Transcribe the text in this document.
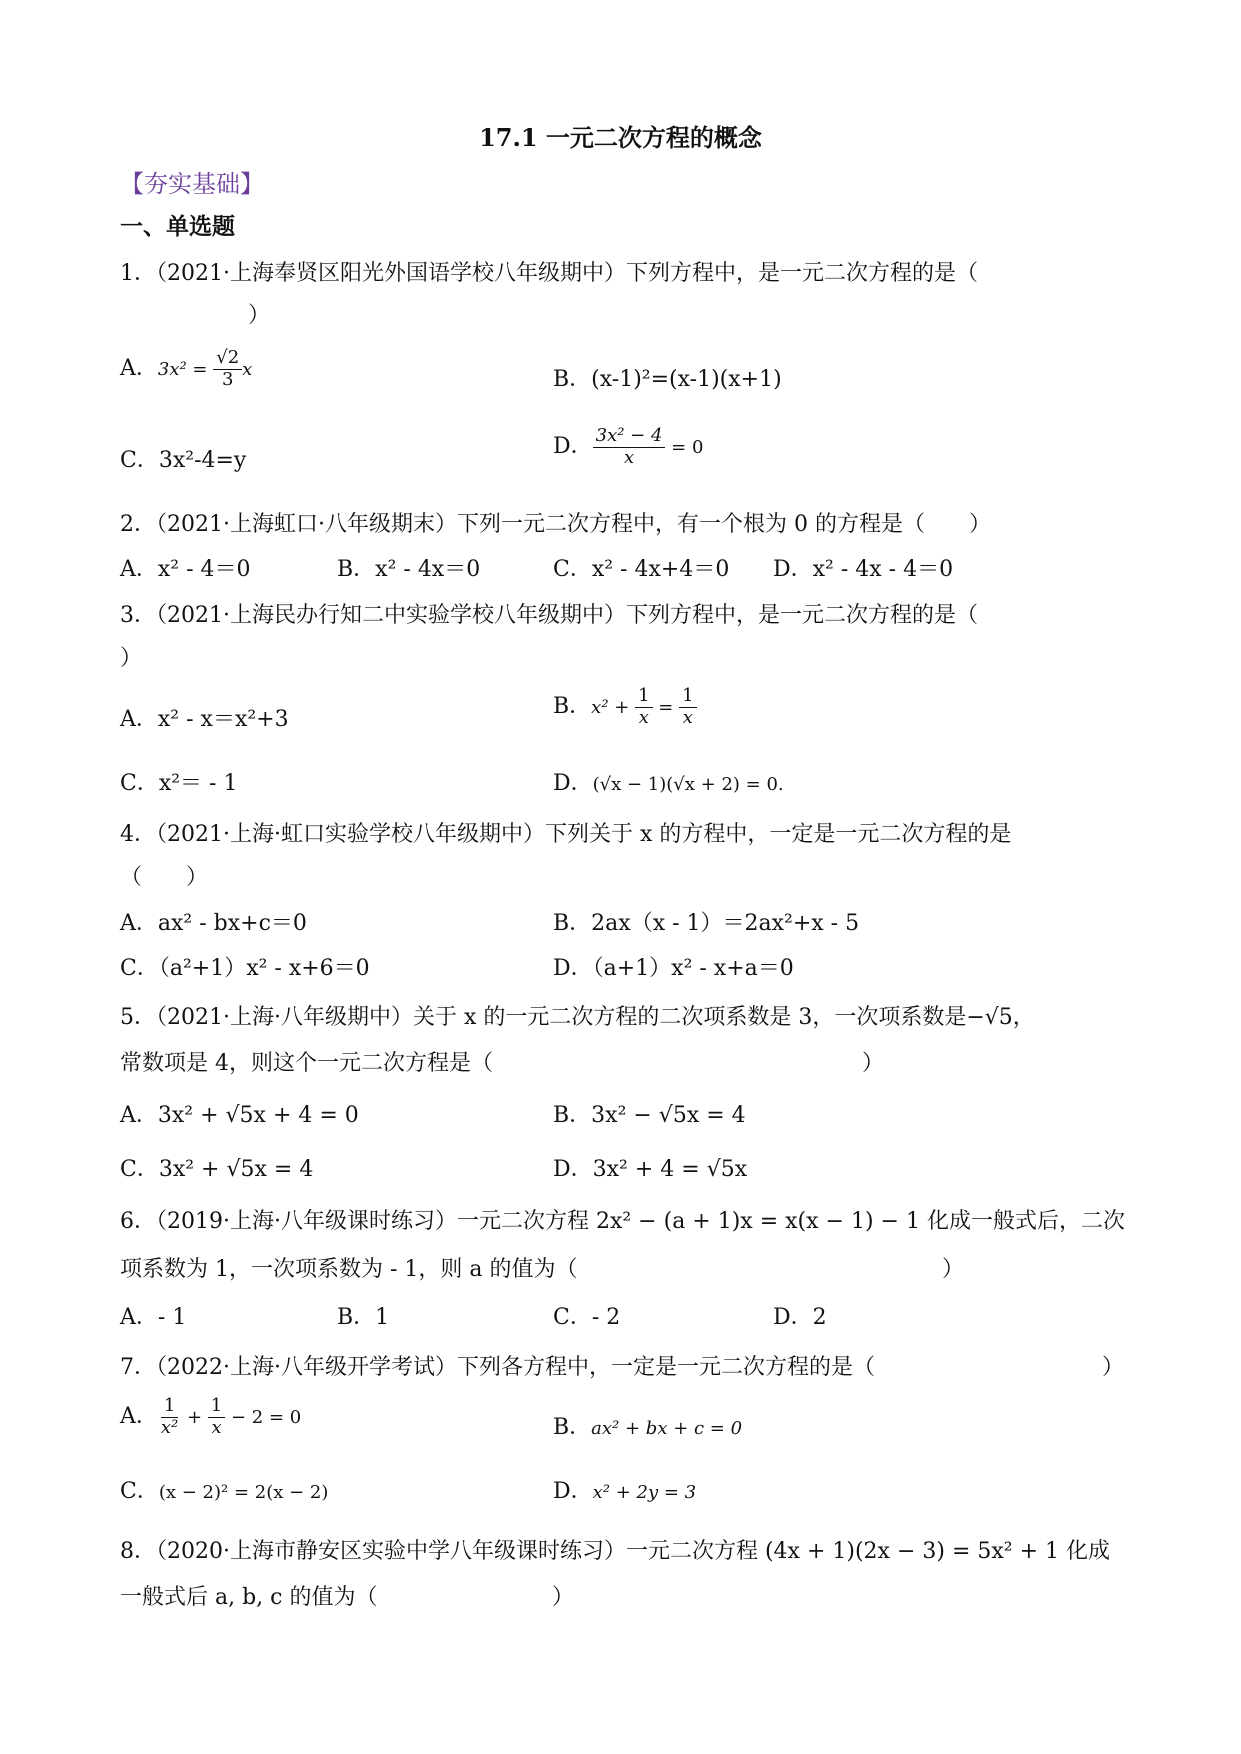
17.1 一元二次方程的概念
【夯实基础】
一、单选题
1．（2021·上海奉贤区阳光外国语学校八年级期中）下列方程中，是一元二次方程的是（
）
A．$3x^2 = \frac{√2}{3}$ x	B．(x-1)²=(x-1)(x+1)
C．3x²-4=y
D． $\frac{\text{3x² − 4}}{x} = 0$
2．（2021·上海虹口·八年级期末）下列一元二次方程中，有一个根为 0 的方程是（　　）
A．x² - 4＝0	B．x² - 4x＝0	C．x² - 4x+4＝0 D．x² - 4x - 4＝0
3．（2021·上海民办行知二中实验学校八年级期中）下列方程中，是一元二次方程的是（
）
A．x² - x＝x²+3
B．$x^2 + \frac{1}{x} = \frac{1}{x}$
C．x²＝ - 1	D．(√x − 1)(√x + 2) = 0.
4．（2021·上海·虹口实验学校八年级期中）下列关于 x 的方程中，一定是一元二次方程的是
（　　）
A．ax² - bx+c＝0	B．2ax（x - 1）＝2ax²+x - 5
C．（a²+1）x² - x+6＝0	D．（a+1）x² - x+a＝0
5．（2021·上海·八年级期中）关于 x 的一元二次方程的二次项系数是 3，一次项系数是−√5，
常数项是 4，则这个一元二次方程是（	）
A．3x² + √5x + 4 = 0	B．3x² − √5x = 4
C．3x² + √5x = 4	D．3x² + 4 = √5x
6．（2019·上海·八年级课时练习）一元二次方程 2x² − (a + 1)x = x(x − 1) − 1 化成一般式后，二次
项系数为 1，一次项系数为 - 1，则 a 的值为（	）
A．- 1	B．1	C．- 2	D．2
7．（2022·上海·八年级开学考试）下列各方程中，一定是一元二次方程的是（	）
A． $\frac{1}{\text{x²}} + \frac{1}{x} - 2 = 0$	B．ax² + bx + c = 0
C．(x − 2)² = 2(x − 2)	D．x² + 2y = 3
8．（2020·上海市静安区实验中学八年级课时练习）一元二次方程 (4x + 1)(2x − 3) = 5x² + 1 化成
一般式后 a, b, c 的值为（	）
